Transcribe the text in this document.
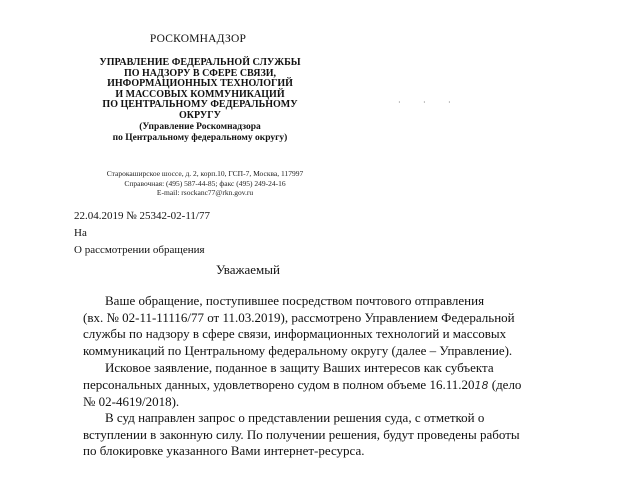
РОСКОМНАДЗОР
УПРАВЛЕНИЕ ФЕДЕРАЛЬНОЙ СЛУЖБЫ
ПО НАДЗОРУ В СФЕРЕ СВЯЗИ,
ИНФОРМАЦИОННЫХ ТЕХНОЛОГИЙ
И МАССОВЫХ КОММУНИКАЦИЙ
ПО ЦЕНТРАЛЬНОМУ ФЕДЕРАЛЬНОМУ
ОКРУГУ
(Управление Роскомнадзора
по Центральному федеральному округу)
Старокаширское шоссе, д. 2, корп.10, ГСП-7, Москва, 117997
Справочная: (495) 587-44-85; факс (495) 249-24-16
E-mail: rsockanc77@rkn.gov.ru
·	·	·
22.04.2019 № 25342-02-11/77
На
О рассмотрении обращения
Уважаемый
Ваше обращение, поступившее посредством почтового отправления
(вх. № 02-11-11116/77 от 11.03.2019), рассмотрено Управлением Федеральной
службы по надзору в сфере связи, информационных технологий и массовых
коммуникаций по Центральному федеральному округу (далее – Управление).
Исковое заявление, поданное в защиту Ваших интересов как субъекта
персональных данных, удовлетворено судом в полном объеме 16.11.2018 (дело
№ 02-4619/2018).
В суд направлен запрос о представлении решения суда, с отметкой о
вступлении в законную силу. По получении решения, будут проведены работы
по блокировке указанного Вами интернет-ресурса.
